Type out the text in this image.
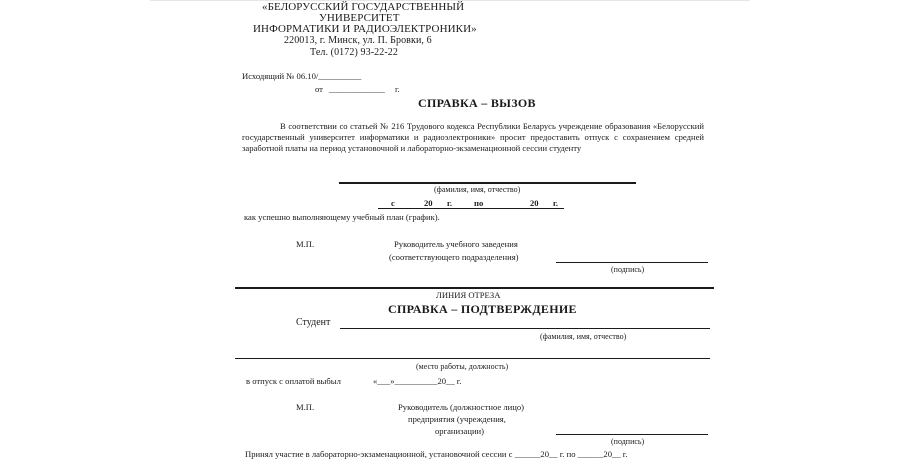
«БЕЛОРУССКИЙ ГОСУДАРСТВЕННЫЙ
УНИВЕРСИТЕТ
ИНФОРМАТИКИ И РАДИОЭЛЕКТРОНИКИ»
220013, г. Минск, ул. П. Бровки, 6
Тел. (0172) 93-22-22
Исходящий № 06.10/__________
от _____________ г.
СПРАВКА – ВЫЗОВ
В соответствии со статьей № 216 Трудового кодекса Республики Беларусь учреждение образования «Белорусский государственный университет информатики и радиоэлектроники» просит предоставить отпуск с сохранением средней заработной платы на период установочной и лабораторно-экзаменационной сессии студенту
(фамилия, имя, отчество)
с	20 г.	по	20 г.
как успешно выполняющему учебный план (график).
М.П.	Руководитель учебного заведения
(соответствующего подразделения)
(подпись)
ЛИНИЯ ОТРЕЗА
СПРАВКА – ПОДТВЕРЖДЕНИЕ
Студент
(фамилия, имя, отчество)
(место работы, должность)
в отпуск с оплатой выбыл	«___»__________20__ г.
М.П.	Руководитель (должностное лицо)
предприятия (учреждения,
организации)
(подпись)
Принял участие в лабораторно-экзаменационной, установочной сессии с ______20__ г. по ______20__ г.
